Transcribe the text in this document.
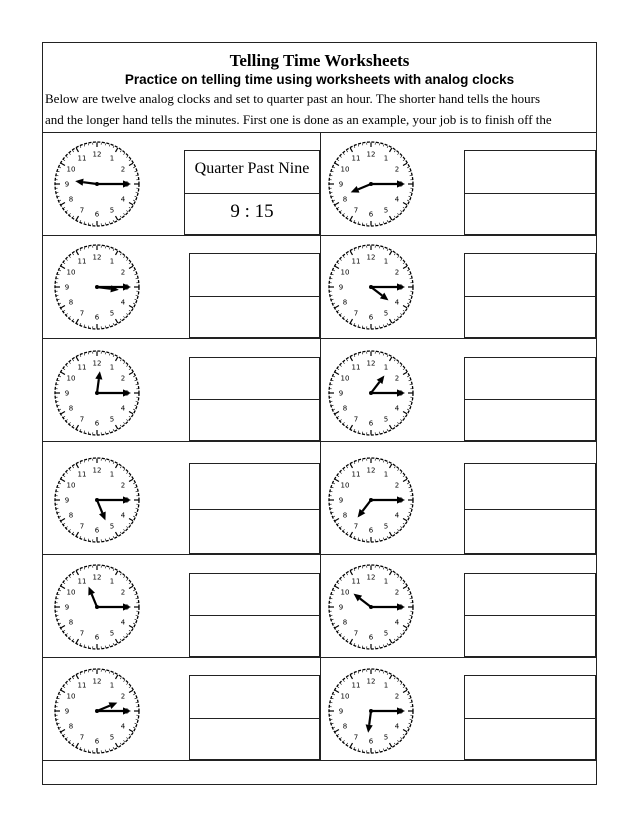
Telling Time Worksheets
Practice on telling time using worksheets with analog clocks
Below are twelve analog clocks and set to quarter past an hour. The shorter hand tells the hours
and the longer hand tells the minutes. First one is done as an example, your job is to finish off the
Quarter Past Nine
9 : 15
12
1
2
4
5
6
7
8
9
10
11
12
1
2
4
5
6
7
8
9
10
11
12
1
2
4
5
6
7
8
9
10
11
12
1
2
4
5
6
7
8
9
10
11
12
1
2
4
5
6
7
8
9
10
11
12
1
2
4
5
6
7
8
9
10
11
12
1
2
4
5
6
7
8
9
10
11
12
1
2
4
5
6
7
8
9
10
11
12
1
2
4
5
6
7
8
9
10
11
12
1
2
4
5
6
7
8
9
10
11
12
1
2
4
5
6
7
8
9
10
11
12
1
2
4
5
6
7
8
9
10
11
